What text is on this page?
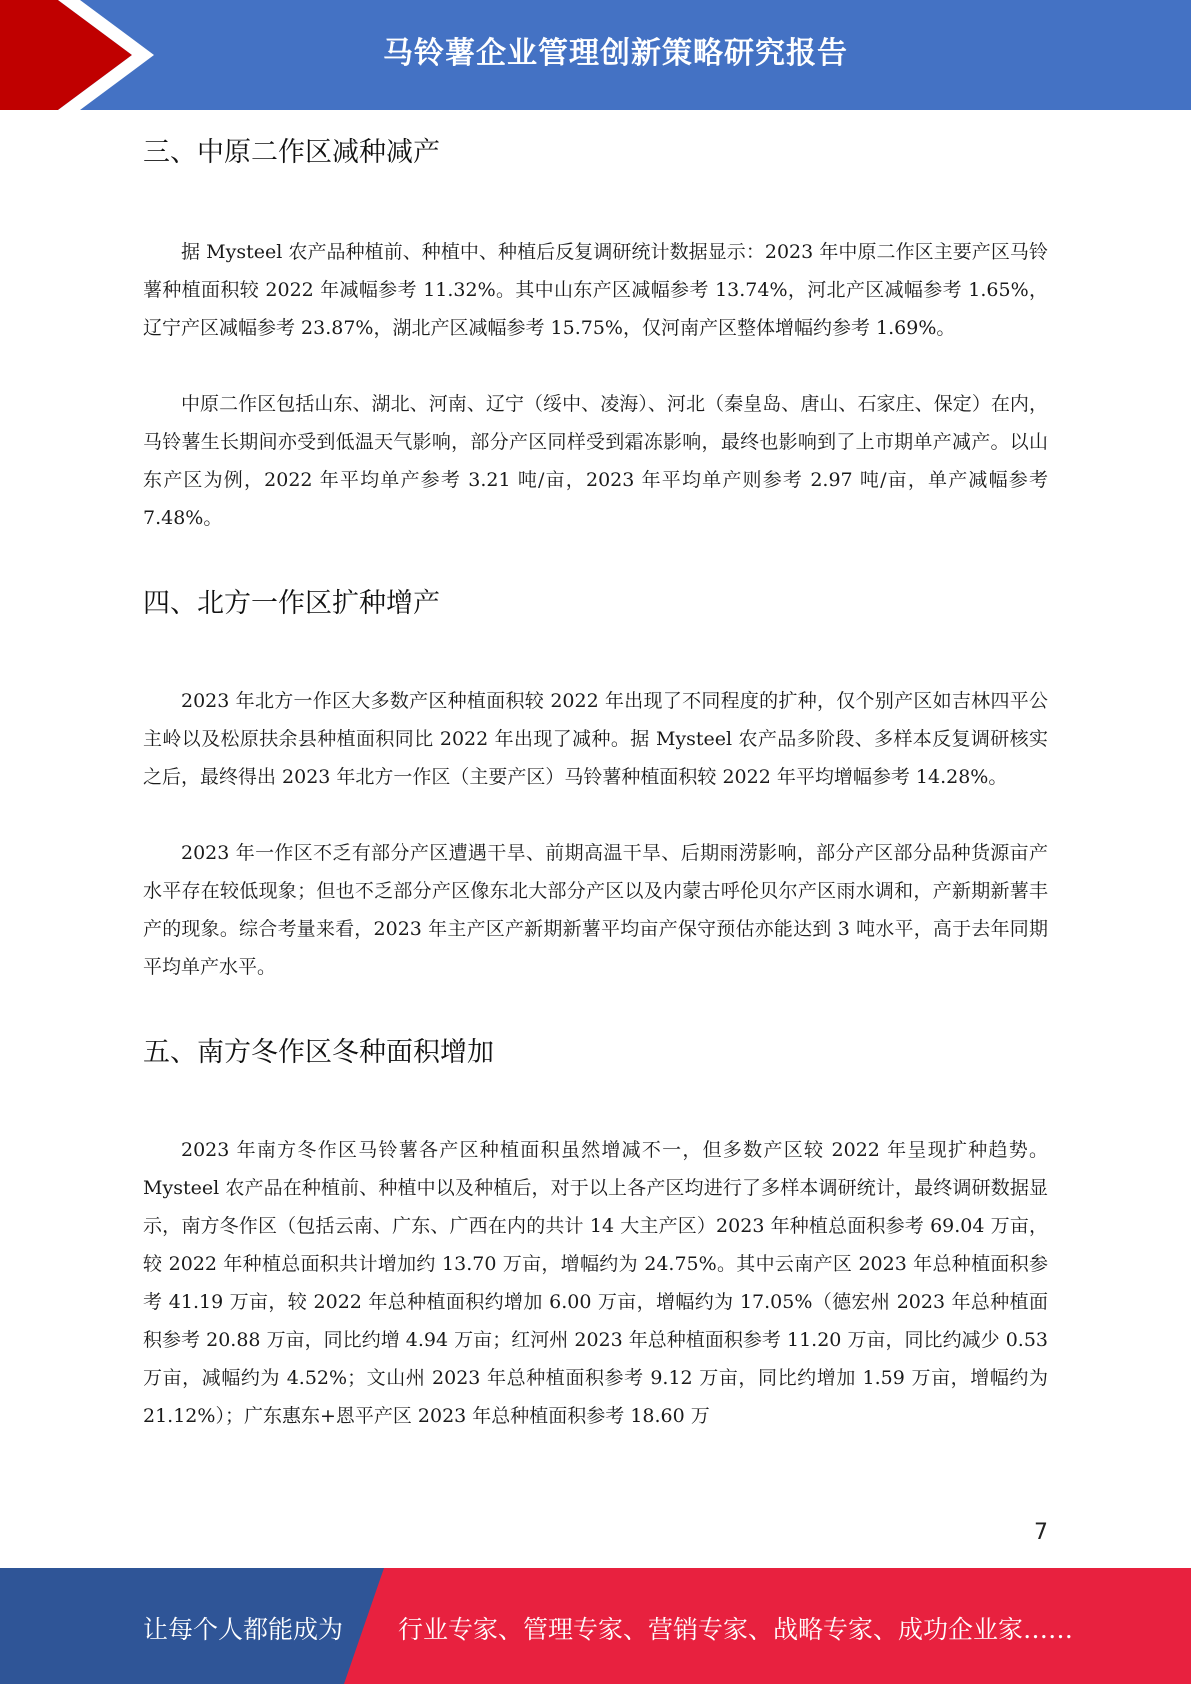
马铃薯企业管理创新策略研究报告
三、中原二作区减种减产

据 Mysteel 农产品种植前、种植中、种植后反复调研统计数据显示：2023 年中原二作区主要产区马铃薯种植面积较 2022 年减幅参考 11.32%。其中山东产区减幅参考 13.74%，河北产区减幅参考 1.65%，辽宁产区减幅参考 23.87%，湖北产区减幅参考 15.75%，仅河南产区整体增幅约参考 1.69%。

中原二作区包括山东、湖北、河南、辽宁（绥中、凌海）、河北（秦皇岛、唐山、石家庄、保定）在内，马铃薯生长期间亦受到低温天气影响，部分产区同样受到霜冻影响，最终也影响到了上市期单产减产。以山东产区为例，2022 年平均单产参考 3.21 吨/亩，2023 年平均单产则参考 2.97 吨/亩，单产减幅参考 7.48%。

四、北方一作区扩种增产

2023 年北方一作区大多数产区种植面积较 2022 年出现了不同程度的扩种，仅个别产区如吉林四平公主岭以及松原扶余县种植面积同比 2022 年出现了减种。据 Mysteel 农产品多阶段、多样本反复调研核实之后，最终得出 2023 年北方一作区（主要产区）马铃薯种植面积较 2022 年平均增幅参考 14.28%。

2023 年一作区不乏有部分产区遭遇干旱、前期高温干旱、后期雨涝影响，部分产区部分品种货源亩产水平存在较低现象；但也不乏部分产区像东北大部分产区以及内蒙古呼伦贝尔产区雨水调和，产新期新薯丰产的现象。综合考量来看，2023 年主产区产新期新薯平均亩产保守预估亦能达到 3 吨水平，高于去年同期平均单产水平。

五、南方冬作区冬种面积增加

2023 年南方冬作区马铃薯各产区种植面积虽然增减不一，但多数产区较 2022 年呈现扩种趋势。Mysteel 农产品在种植前、种植中以及种植后，对于以上各产区均进行了多样本调研统计，最终调研数据显示，南方冬作区（包括云南、广东、广西在内的共计 14 大主产区）2023 年种植总面积参考 69.04 万亩，较 2022 年种植总面积共计增加约 13.70 万亩，增幅约为 24.75%。其中云南产区 2023 年总种植面积参考 41.19 万亩，较 2022 年总种植面积约增加 6.00 万亩，增幅约为 17.05%（德宏州 2023 年总种植面积参考 20.88 万亩，同比约增 4.94 万亩；红河州 2023 年总种植面积参考 11.20 万亩，同比约减少 0.53 万亩，减幅约为 4.52%；文山州 2023 年总种植面积参考 9.12 万亩，同比约增加 1.59 万亩，增幅约为 21.12%）；广东惠东+恩平产区 2023 年总种植面积参考 18.60 万

7
让每个人都能成为 行业专家、管理专家、营销专家、战略专家、成功企业家……
